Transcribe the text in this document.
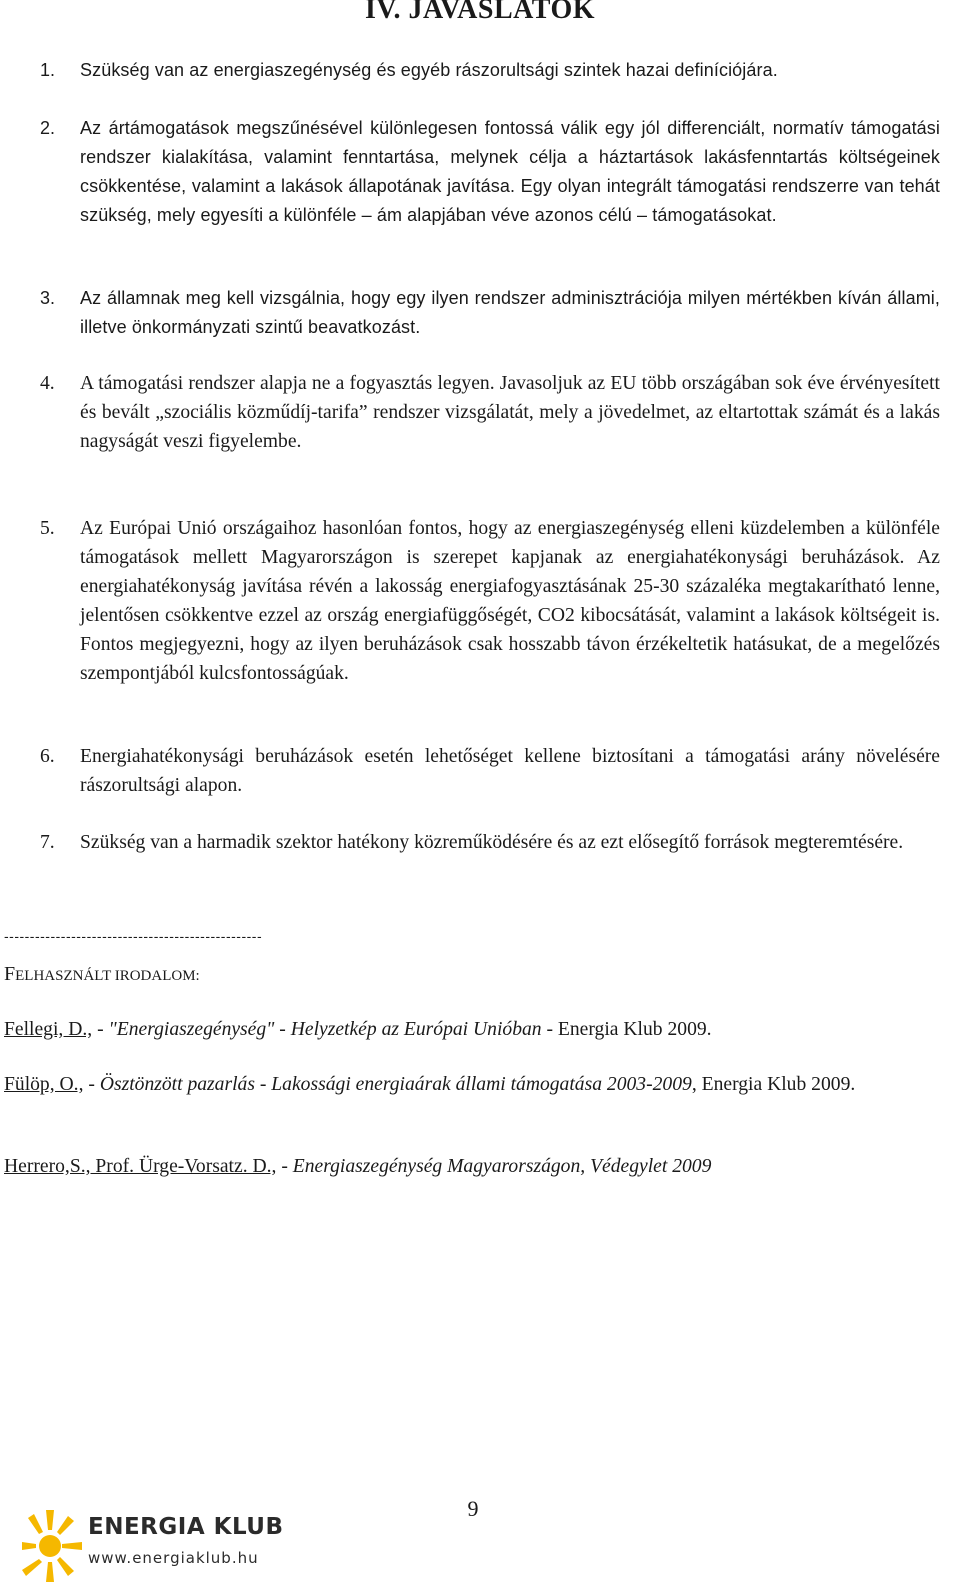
IV. JAVASLATOK
1.	Szükség van az energiaszegénység és egyéb rászorultsági szintek hazai definíciójára.
2.	Az ártámogatások megszűnésével különlegesen fontossá válik egy jól differenciált, normatív támogatási rendszer kialakítása, valamint fenntartása, melynek célja a háztartások lakásfenntartás költségeinek csökkentése, valamint a lakások állapotának javítása. Egy olyan integrált támogatási rendszerre van tehát szükség, mely egyesíti a különféle – ám alapjában véve azonos célú – támogatásokat.
3.	Az államnak meg kell vizsgálnia, hogy egy ilyen rendszer adminisztrációja milyen mértékben kíván állami, illetve önkormányzati szintű beavatkozást.
4.	A támogatási rendszer alapja ne a fogyasztás legyen. Javasoljuk az EU több országában sok éve érvényesített és bevált „szociális közműdíj-tarifa” rendszer vizsgálatát, mely a jövedelmet, az eltartottak számát és a lakás nagyságát veszi figyelembe.
5.	Az Európai Unió országaihoz hasonlóan fontos, hogy az energiaszegénység elleni küzdelemben a különféle támogatások mellett Magyarországon is szerepet kapjanak az energiahatékonysági beruházások. Az energiahatékonyság javítása révén a lakosság energiafogyasztásának 25-30 százaléka megtakarítható lenne, jelentősen csökkentve ezzel az ország energiafüggőségét, CO2 kibocsátását, valamint a lakások költségeit is. Fontos megjegyezni, hogy az ilyen beruházások csak hosszabb távon érzékeltetik hatásukat, de a megelőzés szempontjából kulcsfontosságúak.
6.	Energiahatékonysági beruházások esetén lehetőséget kellene biztosítani a támogatási arány növelésére rászorultsági alapon.
7.	Szükség van a harmadik szektor hatékony közreműködésére és az ezt elősegítő források megteremtésére.
--------------------------------------------------
FELHASZNÁLT IRODALOM:
Fellegi, D., - "Energiaszegénység" - Helyzetkép az Európai Unióban - Energia Klub 2009.
Fülöp, O., - Ösztönzött pazarlás - Lakossági energiaárak állami támogatása 2003-2009, Energia Klub 2009.
Herrero,S., Prof. Ürge-Vorsatz. D., - Energiaszegénység Magyarországon, Védegylet 2009
9
ENERGIA KLUB
www.energiaklub.hu
